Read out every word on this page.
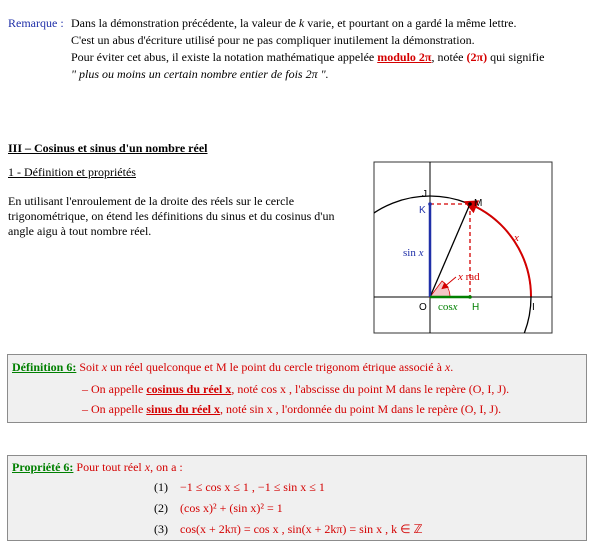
Remarque : Dans la démonstration précédente, la valeur de k varie, et pourtant on a gardé la même lettre.
C'est un abus d'écriture utilisé pour ne pas compliquer inutilement la démonstration.
Pour éviter cet abus, il existe la notation mathématique appelée modulo 2π, notée (2π) qui signifie
" plus ou moins un certain nombre entier de fois 2π ".
III – Cosinus et sinus d'un nombre réel
1 - Définition et propriétés
En utilisant l'enroulement de la droite des réels sur le cercle trigonométrique, on étend les définitions du sinus et du cosinus d'un angle aigu à tout nombre réel.
J
K
M
O	H	I
sin x
cosx
x
x rad
Définition 6: Soit x un réel quelconque et M le point du cercle trigonom étrique associé à x.
– On appelle cosinus du réel x, noté cos x , l'abscisse du point M dans le repère (O, I, J).
– On appelle sinus du réel x, noté sin x , l'ordonnée du point M dans le repère (O, I, J).
Propriété 6: Pour tout réel x, on a :
(1) −1 ≤ cos x ≤ 1 , −1 ≤ sin x ≤ 1
(2) (cos x)² + (sin x)² = 1
(3) cos(x + 2kπ) = cos x , sin(x + 2kπ) = sin x , k ∈ ℤ
